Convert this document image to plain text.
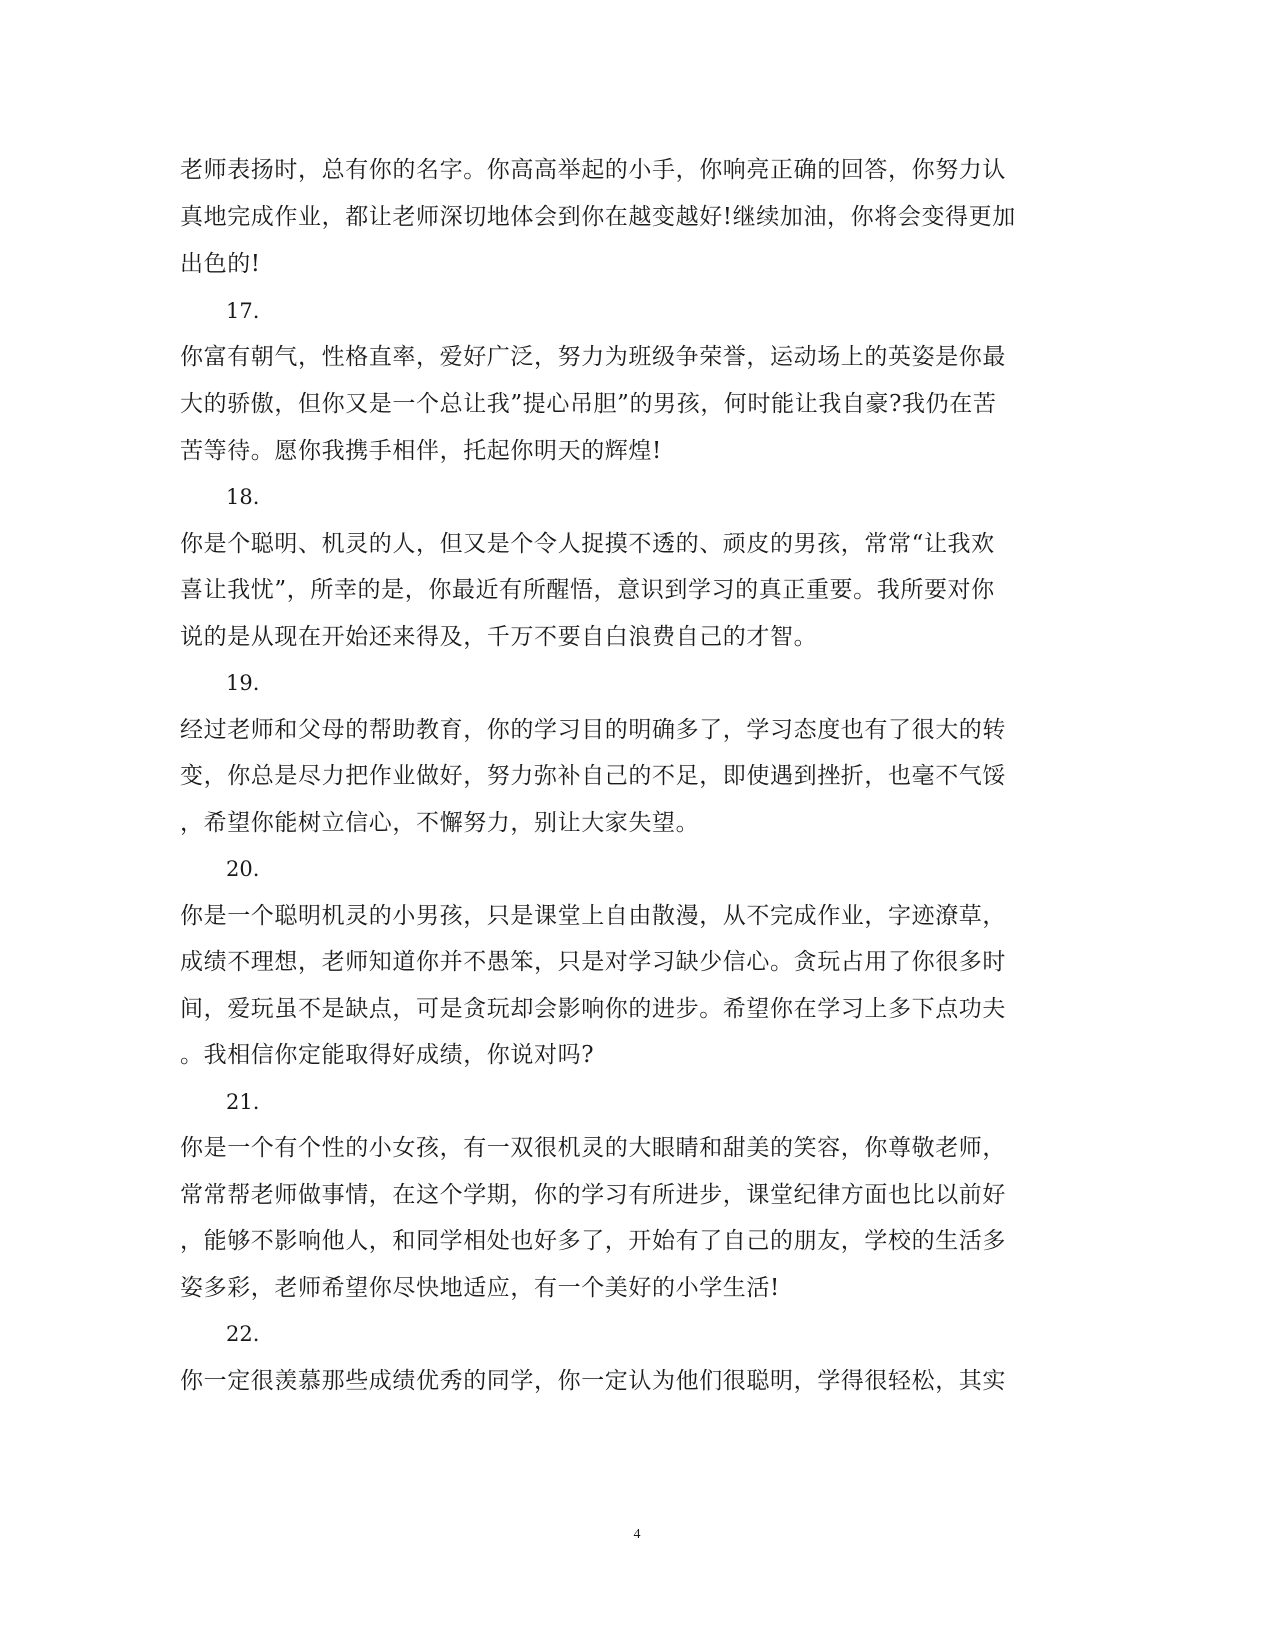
老师表扬时，总有你的名字。你高高举起的小手，你响亮正确的回答，你努力认
真地完成作业，都让老师深切地体会到你在越变越好!继续加油，你将会变得更加
出色的!
17.
你富有朝气，性格直率，爱好广泛，努力为班级争荣誉，运动场上的英姿是你最
大的骄傲，但你又是一个总让我”提心吊胆”的男孩，何时能让我自豪?我仍在苦
苦等待。愿你我携手相伴，托起你明天的辉煌!
18.
你是个聪明、机灵的人，但又是个令人捉摸不透的、顽皮的男孩，常常“让我欢
喜让我忧”，所幸的是，你最近有所醒悟，意识到学习的真正重要。我所要对你
说的是从现在开始还来得及，千万不要自白浪费自己的才智。
19.
经过老师和父母的帮助教育，你的学习目的明确多了，学习态度也有了很大的转
变，你总是尽力把作业做好，努力弥补自己的不足，即使遇到挫折，也毫不气馁
，希望你能树立信心，不懈努力，别让大家失望。
20.
你是一个聪明机灵的小男孩，只是课堂上自由散漫，从不完成作业，字迹潦草，
成绩不理想，老师知道你并不愚笨，只是对学习缺少信心。贪玩占用了你很多时
间，爱玩虽不是缺点，可是贪玩却会影响你的进步。希望你在学习上多下点功夫
。我相信你定能取得好成绩，你说对吗?
21.
你是一个有个性的小女孩，有一双很机灵的大眼睛和甜美的笑容，你尊敬老师，
常常帮老师做事情，在这个学期，你的学习有所进步，课堂纪律方面也比以前好
，能够不影响他人，和同学相处也好多了，开始有了自己的朋友，学校的生活多
姿多彩，老师希望你尽快地适应，有一个美好的小学生活!
22.
你一定很羡慕那些成绩优秀的同学，你一定认为他们很聪明，学得很轻松，其实
4
